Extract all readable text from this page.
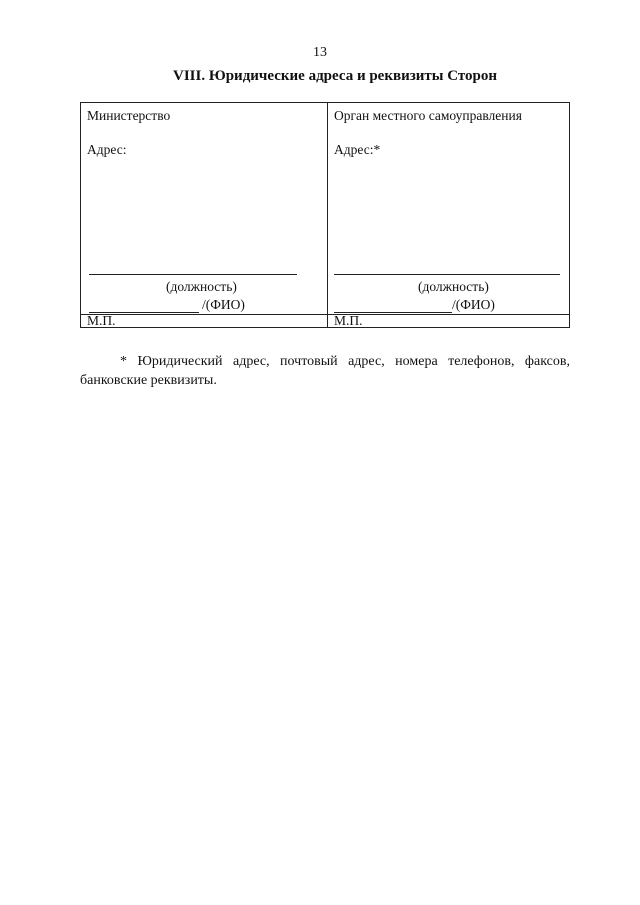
13
VIII. Юридические адреса и реквизиты Сторон
Министерство
Адрес:
(должность)
/(ФИО)
М.П.
Орган местного самоуправления
Адрес:*
(должность)
/(ФИО)
М.П.
* Юридический адрес, почтовый адрес, номера телефонов, факсов,
банковские реквизиты.
